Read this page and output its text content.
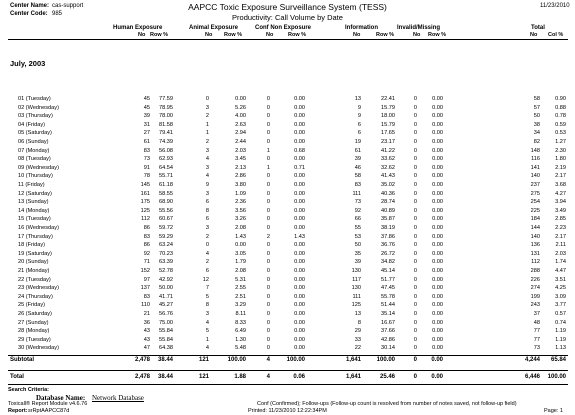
Center Name: cas-support
Center Code: 985
AAPCC Toxic Exposure Surveillance System (TESS)
Productivity: Call Volume by Date
11/23/2010
Human Exposure	Animal Exposure	Conf Non Exposure	Information	Invalid/Missing	Total
No Row %	No Row %	No	Row %	No	Row %	No Row %	No Col %
July, 2003
01 (Tuesday)	45	77.59	0	0.00	0	0.00	13	22.41	0	0.00	58	0.90
02 (Wednesday)	45	78.95	3	5.26	0	0.00	9	15.79	0	0.00	57	0.88
03 (Thursday)	39	78.00	2	4.00	0	0.00	9	18.00	0	0.00	50	0.78
04 (Friday)	31	81.58	1	2.63	0	0.00	6	15.79	0	0.00	38	0.59
05 (Saturday)	27	79.41	1	2.94	0	0.00	6	17.65	0	0.00	34	0.53
06 (Sunday)	61	74.39	2	2.44	0	0.00	19	23.17	0	0.00	82	1.27
07 (Monday)	83	56.08	3	2.03	1	0.68	61	41.22	0	0.00	148	2.30
08 (Tuesday)	73	62.93	4	3.45	0	0.00	39	33.62	0	0.00	116	1.80
09 (Wednesday)	91	64.54	3	2.13	1	0.71	46	32.62	0	0.00	141	2.19
10 (Thursday)	78	55.71	4	2.86	0	0.00	58	41.43	0	0.00	140	2.17
11 (Friday)	145	61.18	9	3.80	0	0.00	83	35.02	0	0.00	237	3.68
12 (Saturday)	161	58.55	3	1.09	0	0.00	111	40.36	0	0.00	275	4.27
13 (Sunday)	175	68.90	6	2.36	0	0.00	73	28.74	0	0.00	254	3.94
14 (Monday)	125	55.56	8	3.56	0	0.00	92	40.89	0	0.00	225	3.49
15 (Tuesday)	112	60.67	6	3.26	0	0.00	66	35.87	0	0.00	184	2.85
16 (Wednesday)	86	59.72	3	2.08	0	0.00	55	38.19	0	0.00	144	2.23
17 (Thursday)	83	59.29	2	1.43	2	1.43	53	37.86	0	0.00	140	2.17
18 (Friday)	86	63.24	0	0.00	0	0.00	50	36.76	0	0.00	136	2.11
19 (Saturday)	92	70.23	4	3.05	0	0.00	35	26.72	0	0.00	131	2.03
20 (Sunday)	71	63.39	2	1.79	0	0.00	39	34.82	0	0.00	112	1.74
21 (Monday)	152	52.78	6	2.08	0	0.00	130	45.14	0	0.00	288	4.47
22 (Tuesday)	97	42.92	12	5.31	0	0.00	117	51.77	0	0.00	226	3.51
23 (Wednesday)	137	50.00	7	2.55	0	0.00	130	47.45	0	0.00	274	4.25
24 (Thursday)	83	41.71	5	2.51	0	0.00	111	55.78	0	0.00	199	3.09
25 (Friday)	110	45.27	8	3.29	0	0.00	125	51.44	0	0.00	243	3.77
26 (Saturday)	21	56.76	3	8.11	0	0.00	13	35.14	0	0.00	37	0.57
27 (Sunday)	36	75.00	4	8.33	0	0.00	8	16.67	0	0.00	48	0.74
28 (Monday)	43	55.84	5	6.49	0	0.00	29	37.66	0	0.00	77	1.19
29 (Tuesday)	43	55.84	1	1.30	0	0.00	33	42.86	0	0.00	77	1.19
30 (Wednesday)	47	64.38	4	5.48	0	0.00	22	30.14	0	0.00	73	1.13
Subtotal	2,478	38.44	121	100.00	4	100.00	1,641	100.00	0	0.00	4,244	65.84
Total	2,478	38.44	121	1.88	4	0.06	1,641	25.46	0	0.00	6,446	100.00
Search Criteria:
Database Name: Network Database
Toxicall® Report Module v4.6.76
Report: srRptAAPCC87d
Conf (Confirmed); Follow-ups (Follow-up count is resolved from number of notes saved, not follow-up field)
Printed: 11/23/2010 12:22:34PM	Page: 1
